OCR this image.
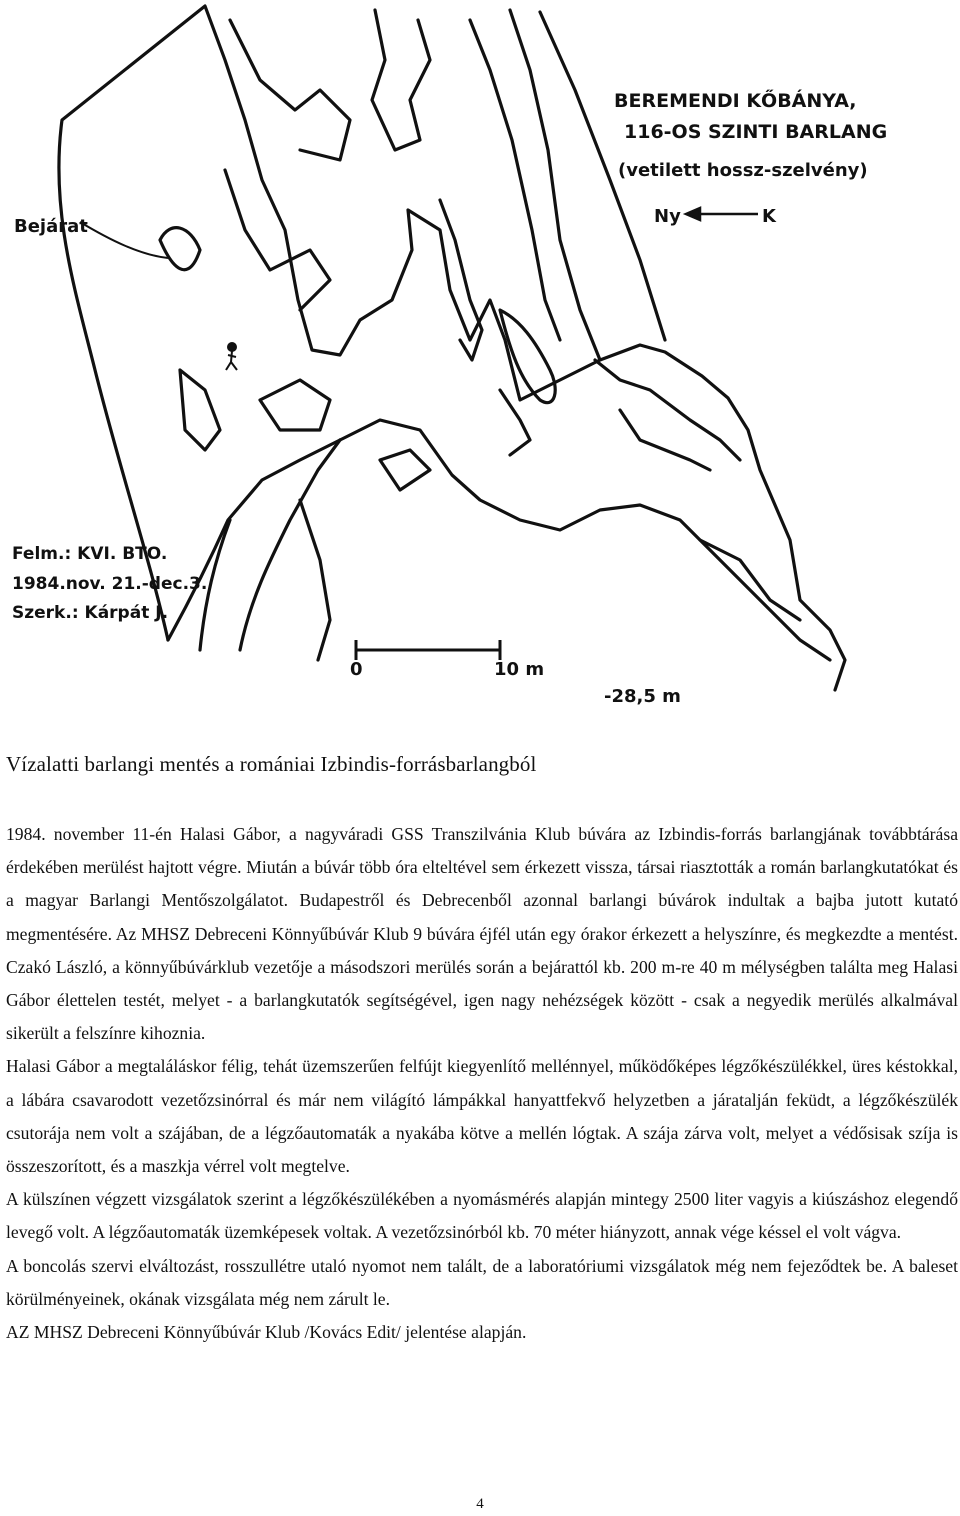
BEREMENDI KŐBÁNYA,
116-OS SZINTI BARLANG
(vetilett hossz-szelvény)
Ny	K
Bejárat
Felm.: KVI. BTO.
1984.nov. 21.-dec.3.
Szerk.: Kárpát J.
0	10 m
-28,5 m
Vízalatti barlangi mentés a romániai Izbindis-forrásbarlangból

1984. november 11-én Halasi Gábor, a nagyváradi GSS Transzilvánia Klub búvára az Izbindis-forrás barlangjának továbbtárása érdekében merülést hajtott végre. Miután a búvár több óra elteltével sem érkezett vissza, társai riasztották a román barlangkutatókat és a magyar Barlangi Mentőszolgálatot. Budapestről és Debrecenből azonnal barlangi búvárok indultak a bajba jutott kutató megmentésére. Az MHSZ Debreceni Könnyűbúvár Klub 9 búvára éjfél után egy órakor érkezett a helyszínre, és megkezdte a mentést. Czakó László, a könnyűbúvárklub vezetője a másodszori merülés során a bejárattól kb. 200 m-re 40 m mélységben találta meg Halasi Gábor élettelen testét, melyet - a barlangkutatók segítségével, igen nagy nehézségek között - csak a negyedik merülés alkalmával sikerült a felszínre kihoznia.

Halasi Gábor a megtaláláskor félig, tehát üzemszerűen felfújt kiegyenlítő mellénnyel, működőképes légzőkészülékkel, üres késtokkal, a lábára csavarodott vezetőzsinórral és már nem világító lámpákkal hanyattfekvő helyzetben a járatalján feküdt, a légzőkészülék csutorája nem volt a szájában, de a légzőautomaták a nyakába kötve a mellén lógtak. A szája zárva volt, melyet a védősisak szíja is összeszorított, és a maszkja vérrel volt megtelve.

A külszínen végzett vizsgálatok szerint a légzőkészülékében a nyomásmérés alapján mintegy 2500 liter vagyis a kiúszáshoz elegendő levegő volt. A légzőautomaták üzemképesek voltak. A vezetőzsinórból kb. 70 méter hiányzott, annak vége késsel el volt vágva.

A boncolás szervi elváltozást, rosszullétre utaló nyomot nem talált, de a laboratóriumi vizsgálatok még nem fejeződtek be. A baleset körülményeinek, okának vizsgálata még nem zárult le.

AZ MHSZ Debreceni Könnyűbúvár Klub /Kovács Edit/ jelentése alapján.

4
